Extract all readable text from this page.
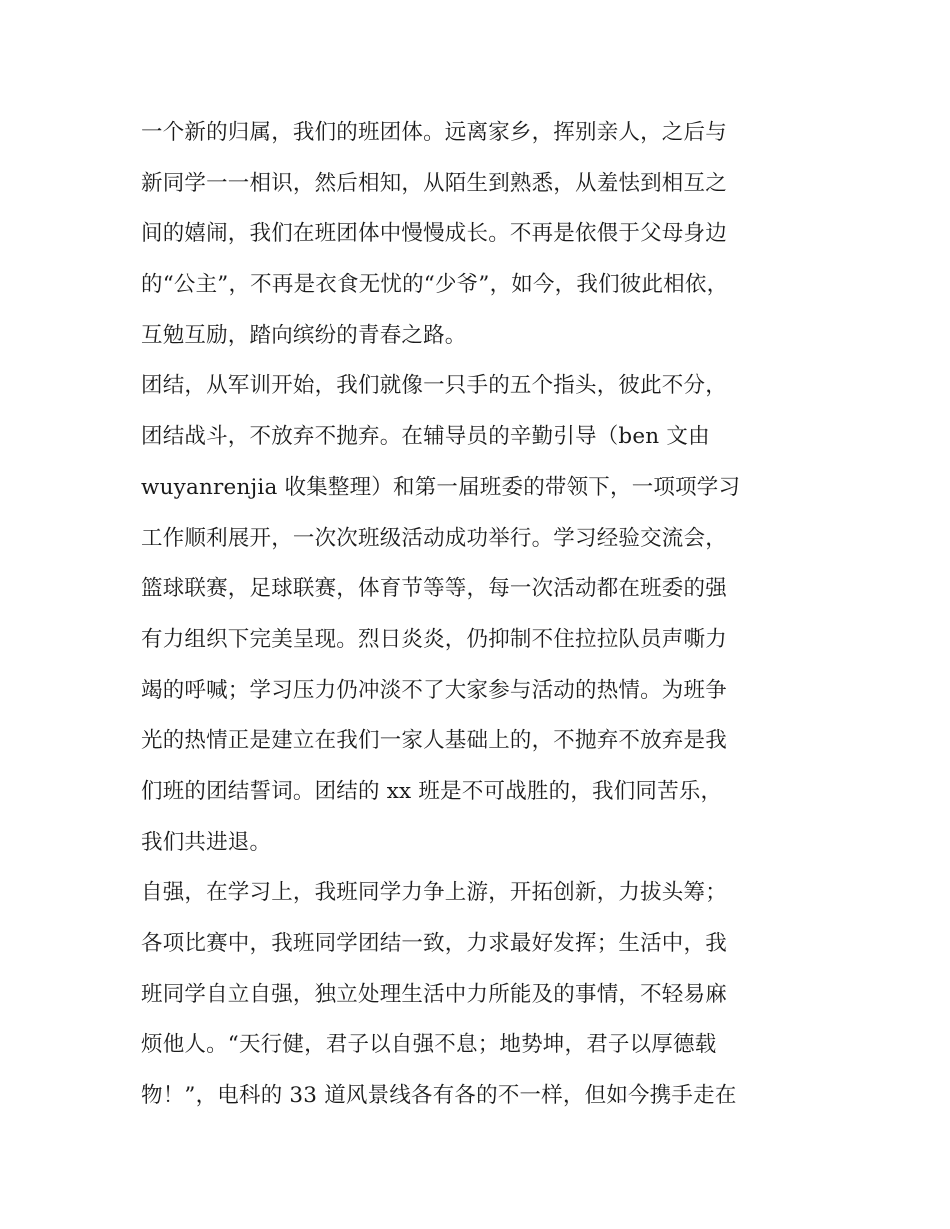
一个新的归属，我们的班团体。远离家乡，挥别亲人，之后与
新同学一一相识，然后相知，从陌生到熟悉，从羞怯到相互之
间的嬉闹，我们在班团体中慢慢成长。不再是依偎于父母身边
的“公主”，不再是衣食无忧的“少爷”，如今，我们彼此相依，
互勉互励，踏向缤纷的青春之路。
团结，从军训开始，我们就像一只手的五个指头，彼此不分，
团结战斗，不放弃不抛弃。在辅导员的辛勤引导（ben 文由
wuyanrenjia 收集整理）和第一届班委的带领下，一项项学习
工作顺利展开，一次次班级活动成功举行。学习经验交流会，
篮球联赛，足球联赛，体育节等等，每一次活动都在班委的强
有力组织下完美呈现。烈日炎炎，仍抑制不住拉拉队员声嘶力
竭的呼喊；学习压力仍冲淡不了大家参与活动的热情。为班争
光的热情正是建立在我们一家人基础上的，不抛弃不放弃是我
们班的团结誓词。团结的 xx 班是不可战胜的，我们同苦乐，
我们共进退。
自强，在学习上，我班同学力争上游，开拓创新，力拔头筹；
各项比赛中，我班同学团结一致，力求最好发挥；生活中，我
班同学自立自强，独立处理生活中力所能及的事情，不轻易麻
烦他人。“天行健，君子以自强不息；地势坤，君子以厚德载
物！”，电科的 33 道风景线各有各的不一样，但如今携手走在
